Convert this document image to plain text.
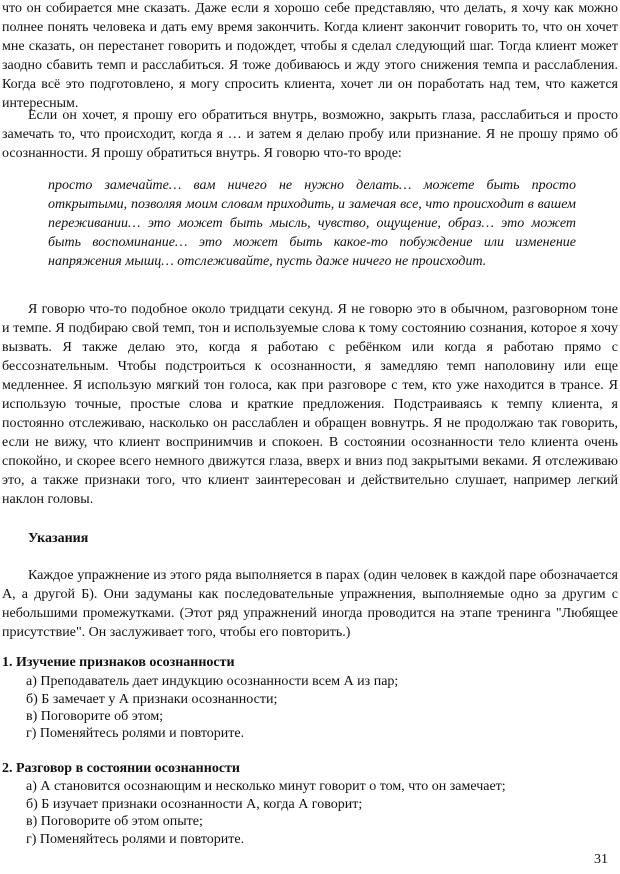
что он собирается мне сказать. Даже если я хорошо себе представляю, что делать, я хочу как можно полнее понять человека и дать ему время закончить. Когда клиент закончит говорить то, что он хочет мне сказать, он перестанет говорить и подождет, чтобы я сделал следующий шаг. Тогда клиент может заодно сбавить темп и расслабиться. Я тоже добиваюсь и жду этого снижения темпа и расслабления. Когда всё это подготовлено, я могу спросить клиента, хочет ли он поработать над тем, что кажется интересным.

Если он хочет, я прошу его обратиться внутрь, возможно, закрыть глаза, расслабиться и просто замечать то, что происходит, когда я … и затем я делаю пробу или признание. Я не прошу прямо об осознанности. Я прошу обратиться внутрь. Я говорю что-то вроде:

просто замечайте… вам ничего не нужно делать… можете быть просто открытыми, позволяя моим словам приходить, и замечая все, что происходит в вашем переживании… это может быть мысль, чувство, ощущение, образ… это может быть воспоминание… это может быть какое-то побуждение или изменение напряжения мышц… отслеживайте, пусть даже ничего не происходит.

Я говорю что-то подобное около тридцати секунд. Я не говорю это в обычном, разговорном тоне и темпе. Я подбираю свой темп, тон и используемые слова к тому состоянию сознания, которое я хочу вызвать. Я также делаю это, когда я работаю с ребёнком или когда я работаю прямо с бессознательным. Чтобы подстроиться к осознанности, я замедляю темп наполовину или еще медленнее. Я использую мягкий тон голоса, как при разговоре с тем, кто уже находится в трансе. Я использую точные, простые слова и краткие предложения. Подстраиваясь к темпу клиента, я постоянно отслеживаю, насколько он расслаблен и обращен вовнутрь. Я не продолжаю так говорить, если не вижу, что клиент воспринимчив и спокоен. В состоянии осознанности тело клиента очень спокойно, и скорее всего немного движутся глаза, вверх и вниз под закрытыми веками. Я отслеживаю это, а также признаки того, что клиент заинтересован и действительно слушает, например легкий наклон головы.

Указания

Каждое упражнение из этого ряда выполняется в парах (один человек в каждой паре обозначается А, а другой Б). Они задуманы как последовательные упражнения, выполняемые одно за другим с небольшими промежутками. (Этот ряд упражнений иногда проводится на этапе тренинга "Любящее присутствие". Он заслуживает того, чтобы его повторить.)

1. Изучение признаков осознанности

а) Преподаватель дает индукцию осознанности всем А из пар;

б) Б замечает у А признаки осознанности;

в) Поговорите об этом;

г) Поменяйтесь ролями и повторите.

2. Разговор в состоянии осознанности

а) А становится осознающим и несколько минут говорит о том, что он замечает;

б) Б изучает признаки осознанности А, когда А говорит;

в) Поговорите об этом опыте;

г) Поменяйтесь ролями и повторите.

31
